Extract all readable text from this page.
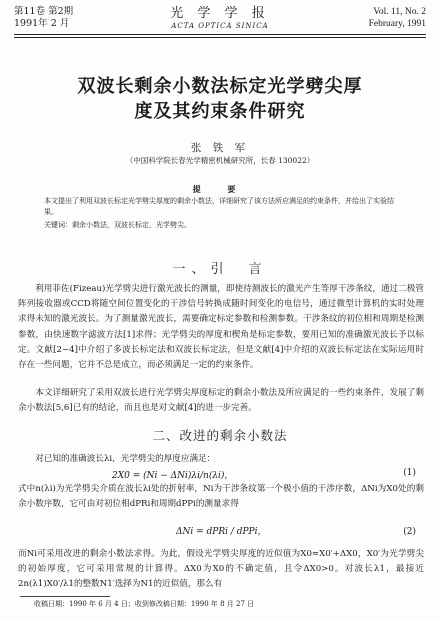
第11卷 第2期
1991年 2 月
光 学 学 报
ACTA OPTICA SINICA
Vol. 11, No. 2
February, 1991
双波长剩余小数法标定光学劈尖厚
度及其约束条件研究
张 铁 军
（中国科学院长春光学精密机械研究所，长春 130022）
提 要
本文提出了利用双波长标定光学劈尖厚度的剩余小数法，详细研究了该方法所应满足的约束条件，并给出了实验结果。
关键词：剩余小数法，双波长标定，光学劈尖。
一、引　言
利用菲佐(Fizeau)光学劈尖进行激光波长的测量，即使待测波长的激光产生等厚干涉条纹，通过二极管阵列接收器或CCD将随空间位置变化的干涉信号转换成随时间变化的电信号，通过微型计算机的实时处理求得未知的激光波长。为了测量激光波长，需要确定标定参数和检测参数。干涉条纹的初位相和周期是检测参数，由快速数字滤波方法[1]求得；光学劈尖的厚度和楔角是标定参数，要用已知的准确激光波长予以标定。文献[2~4]中介绍了多波长标定法和双波长标定法，但是文献[4]中介绍的双波长标定法在实际运用时存在一些问题，它并不总是成立，而必须满足一定的约束条件。
本文详细研究了采用双波长进行光学劈尖厚度标定的剩余小数法及所应满足的一些约束条件，发展了剩余小数法[5,6]已有的结论，而且也是对文献[4]的进一步完善。
二、改进的剩余小数法
对已知的准确波长λi，光学劈尖的厚度应满足：
2X0 = (Ni − ΔNi)λi/n(λi)，	(1)
式中n(λi)为光学劈尖介质在波长λi处的折射率，Ni为干涉条纹第一个极小值的干涉序数，ΔNi为X0处的剩余小数序数，它可由对初位相dPRi和周期dPPi的测量求得
ΔNi = dPRi / dPPi，	(2)
而Ni可采用改进的剩余小数法求得。为此，假设光学劈尖厚度的近似值为X0≈X0′+ΔX0，X0′为光学劈尖的初始厚度，它可采用常规的计算得。ΔX0为X0的不确定值，且令ΔX0>0。对波长λ1，最接近2n(λ1)X0′/λ1的整数N1′选择为N1的近似值，那么有
收稿日期：1990 年 6 月 4 日；收到修改稿日期：1990 年 8 月 27 日
